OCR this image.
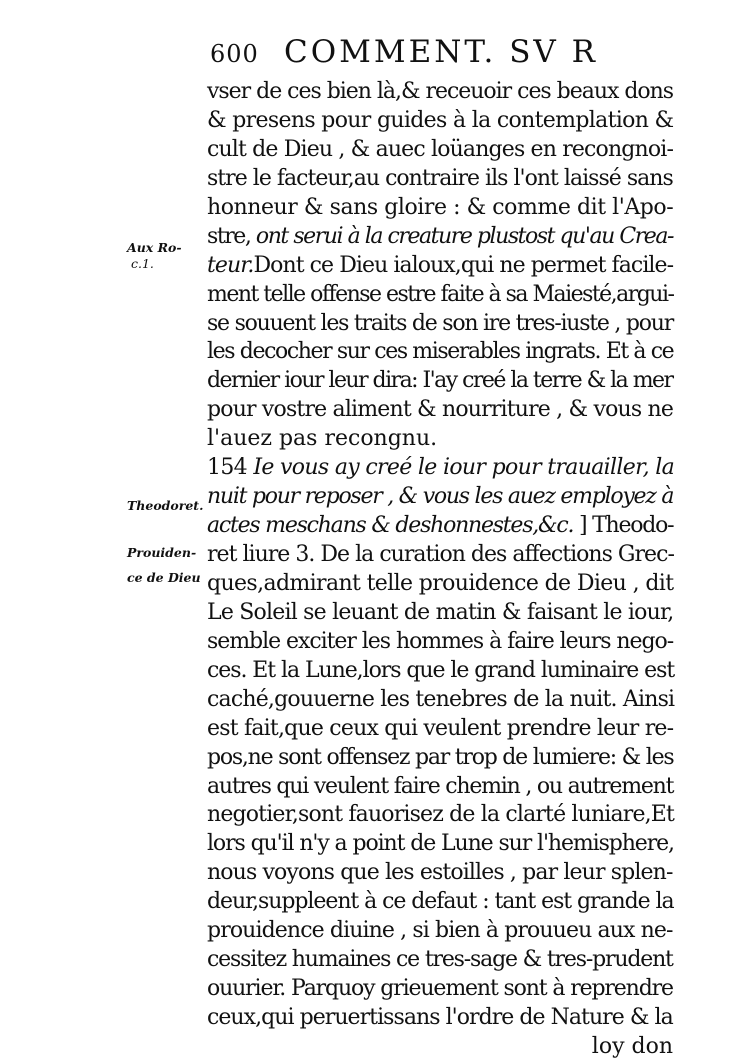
600 COMMENT. SV R
Aux Ro-
c.1.
Theodoret.
Prouiden-
ce de Dieu
vser de ces bien là,& receuoir ces beaux dons
& presens pour guides à la contemplation &
cult de Dieu , & auec loüanges en recongnoi-
stre le facteur,au contraire ils l'ont laissé sans
honneur & sans gloire : & comme dit l'Apo-
stre, ont serui à la creature plustost qu'au Crea-
teur.Dont ce Dieu ialoux,qui ne permet facile-
ment telle offense estre faite à sa Maiesté,arguі-
se souuent les traits de son ire tres-iuste , pour
les decocher sur ces miserables ingrats. Et à ce
dernier iour leur dira: I'ay creé la terre & la mer
pour vostre aliment & nourriture , & vous ne
l'auez pas recongnu.
154 Ie vous ay creé le iour pour trauailler, la
nuit pour reposer , & vous les auez employez à
actes meschans & deshonnestes,&c. ] Theodo-
ret liure 3. De la curation des affections Grec-
ques,admirant telle prouidence de Dieu , dit
Le Soleil se leuant de matin & faisant le iour,
semble exciter les hommes à faire leurs nego-
ces. Et la Lune,lors que le grand luminaire est
caché,gouuerne les tenebres de la nuit. Ainsi
est fait,que ceux qui veulent prendre leur re-
pos,ne sont offensez par trop de lumiere: & les
autres qui veulent faire chemin , ou autrement
negotier,sont fauorisez de la clarté luniare,Et
lors qu'il n'y a point de Lune sur l'hemisphere,
nous voyons que les estoilles , par leur splen-
deur,supplеent à ce defaut : tant est grande la
prouidence diuine , si bien à prouueu aux ne-
cessitez humaines ce tres-sage & tres-prudent
ouurier. Parquoy grieuement sont à reprendre
ceux,qui peruertissans l'ordre de Nature & la
loy don
